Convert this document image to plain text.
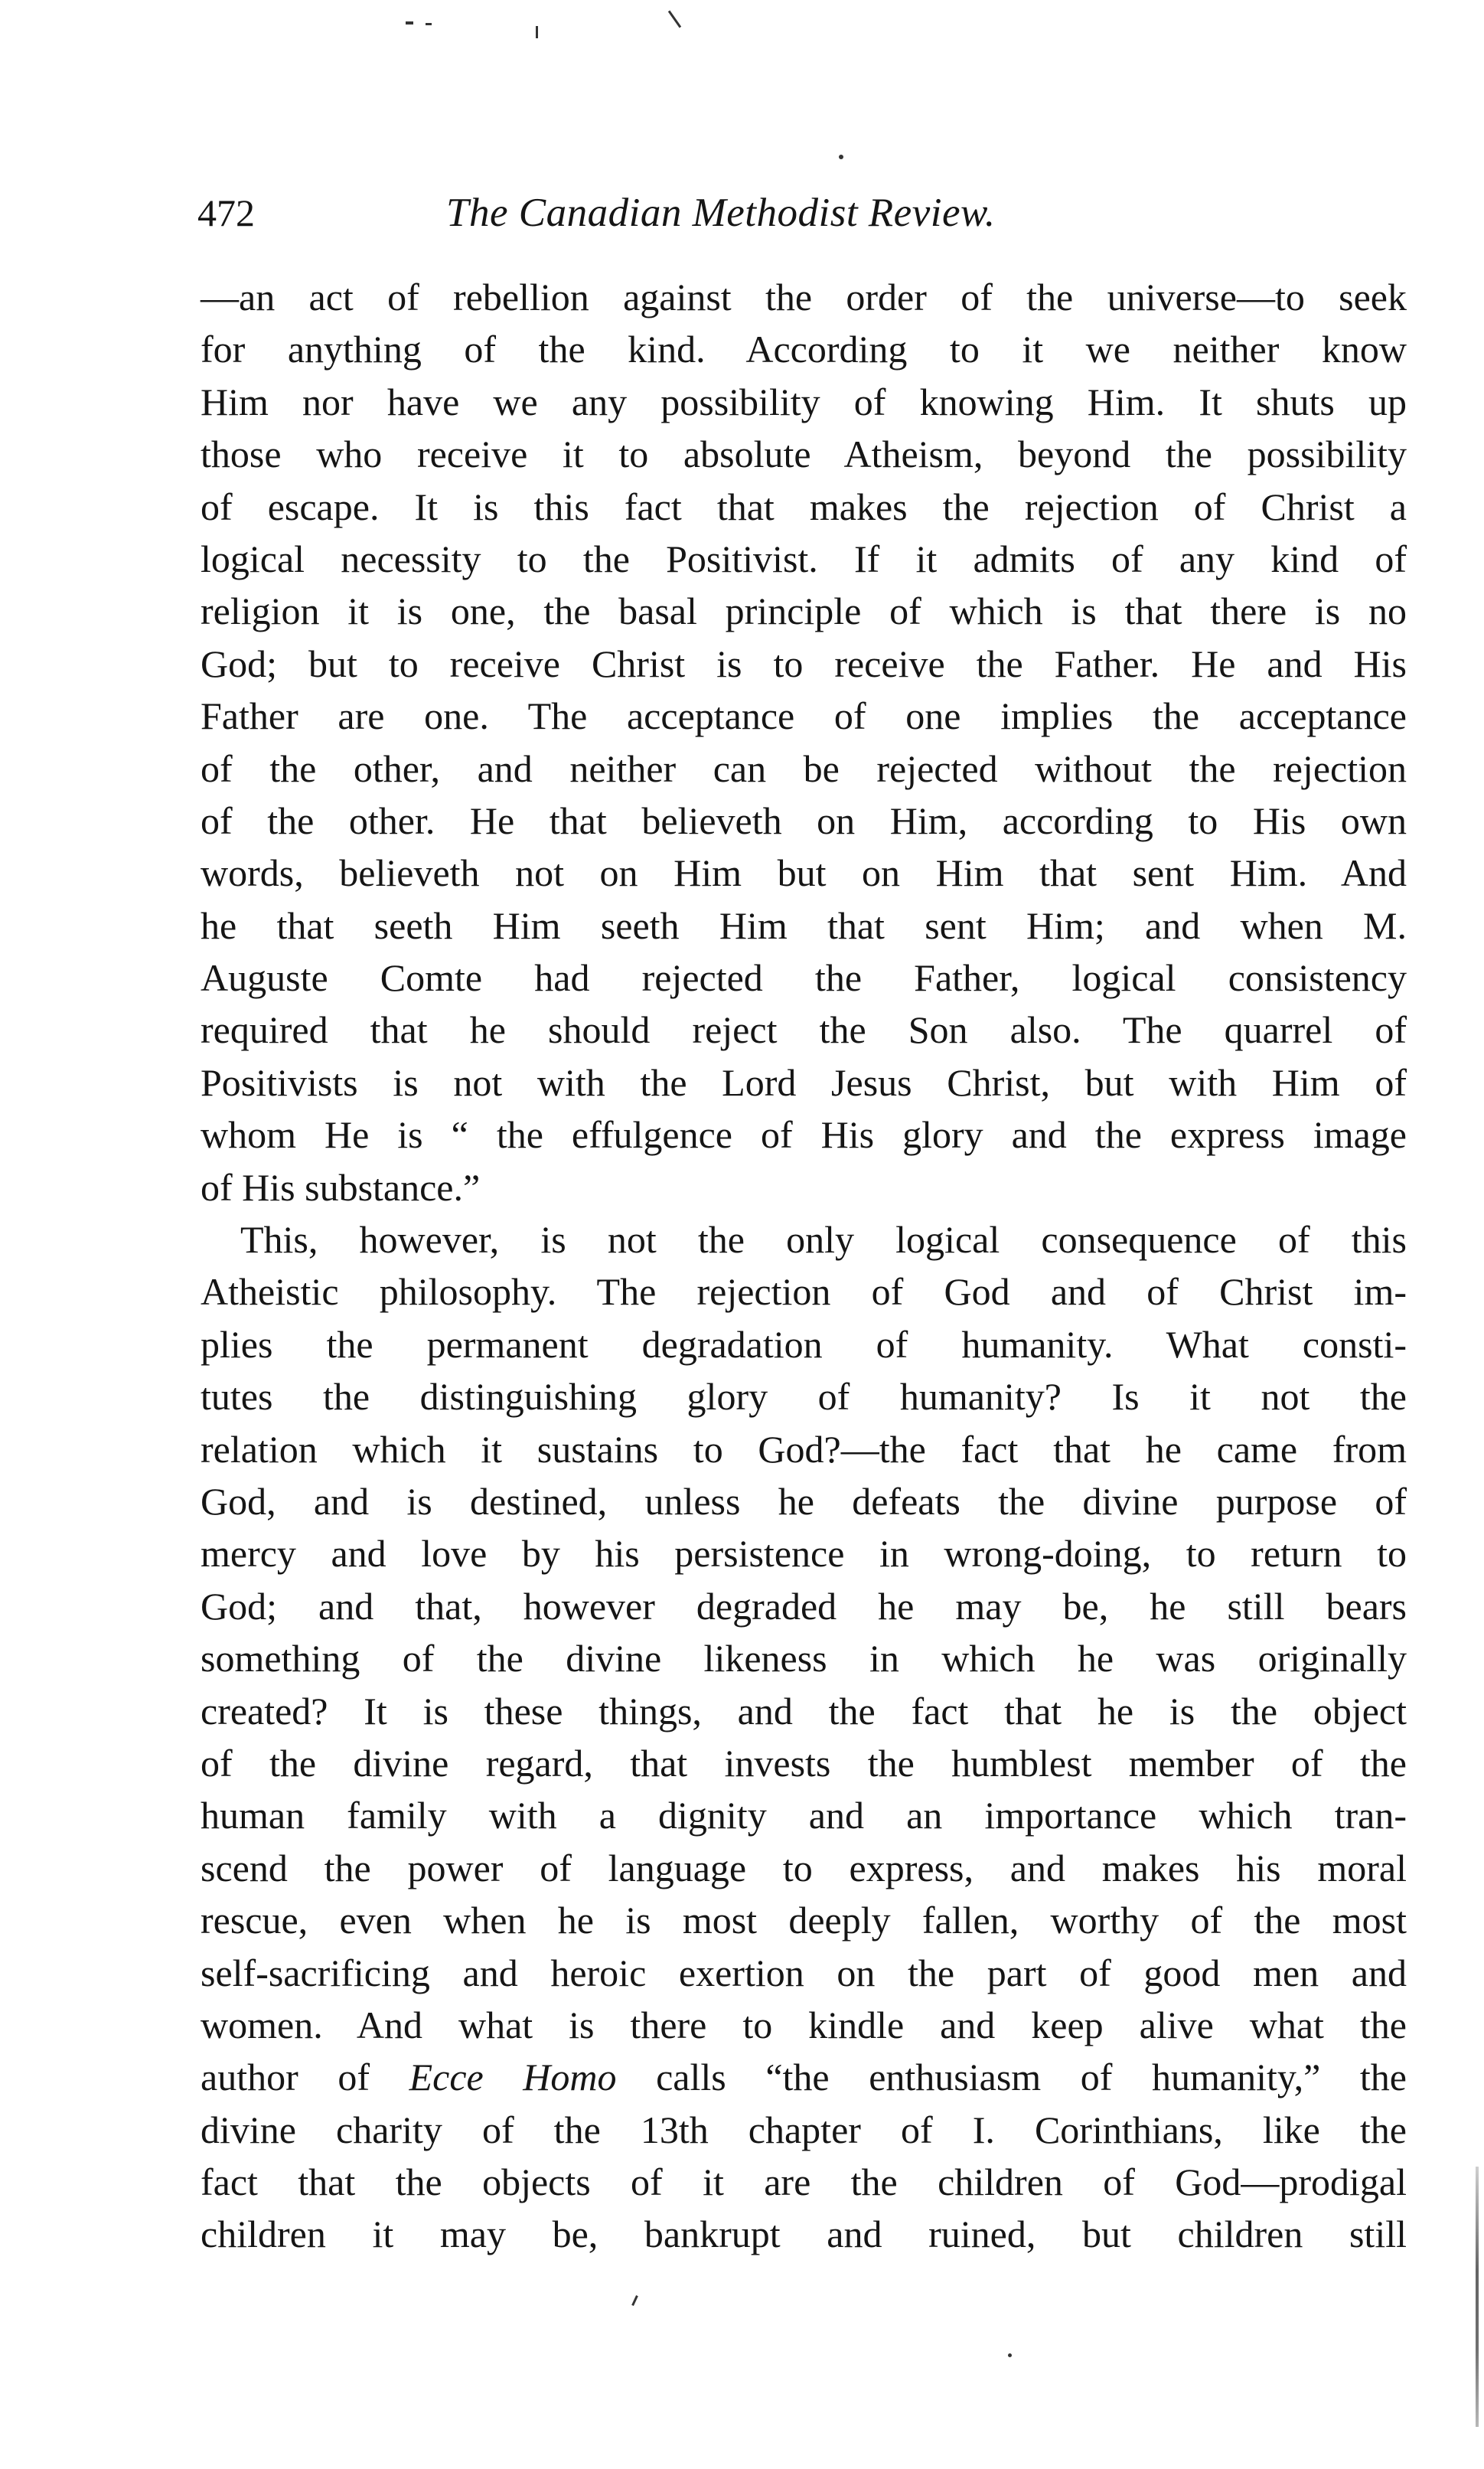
472	The Canadian Methodist Review.
—an act of rebellion against the order of the universe—to seek
for anything of the kind. According to it we neither know
Him nor have we any possibility of knowing Him. It shuts up
those who receive it to absolute Atheism, beyond the possibility
of escape. It is this fact that makes the rejection of Christ a
logical necessity to the Positivist. If it admits of any kind of
religion it is one, the basal principle of which is that there is no
God; but to receive Christ is to receive the Father. He and His
Father are one. The acceptance of one implies the acceptance
of the other, and neither can be rejected without the rejection
of the other. He that believeth on Him, according to His own
words, believeth not on Him but on Him that sent Him. And
he that seeth Him seeth Him that sent Him; and when M.
Auguste Comte had rejected the Father, logical consistency
required that he should reject the Son also. The quarrel of
Positivists is not with the Lord Jesus Christ, but with Him of
whom He is “ the effulgence of His glory and the express image
of His substance.”
This, however, is not the only logical consequence of this
Atheistic philosophy. The rejection of God and of Christ im-
plies the permanent degradation of humanity. What consti-
tutes the distinguishing glory of humanity? Is it not the
relation which it sustains to God?—the fact that he came from
God, and is destined, unless he defeats the divine purpose of
mercy and love by his persistence in wrong-doing, to return to
God; and that, however degraded he may be, he still bears
something of the divine likeness in which he was originally
created? It is these things, and the fact that he is the object
of the divine regard, that invests the humblest member of the
human family with a dignity and an importance which tran-
scend the power of language to express, and makes his moral
rescue, even when he is most deeply fallen, worthy of the most
self-sacrificing and heroic exertion on the part of good men and
women. And what is there to kindle and keep alive what the
author of Ecce Homo calls “the enthusiasm of humanity,” the
divine charity of the 13th chapter of I. Corinthians, like the
fact that the objects of it are the children of God—prodigal
children it may be, bankrupt and ruined, but children still
